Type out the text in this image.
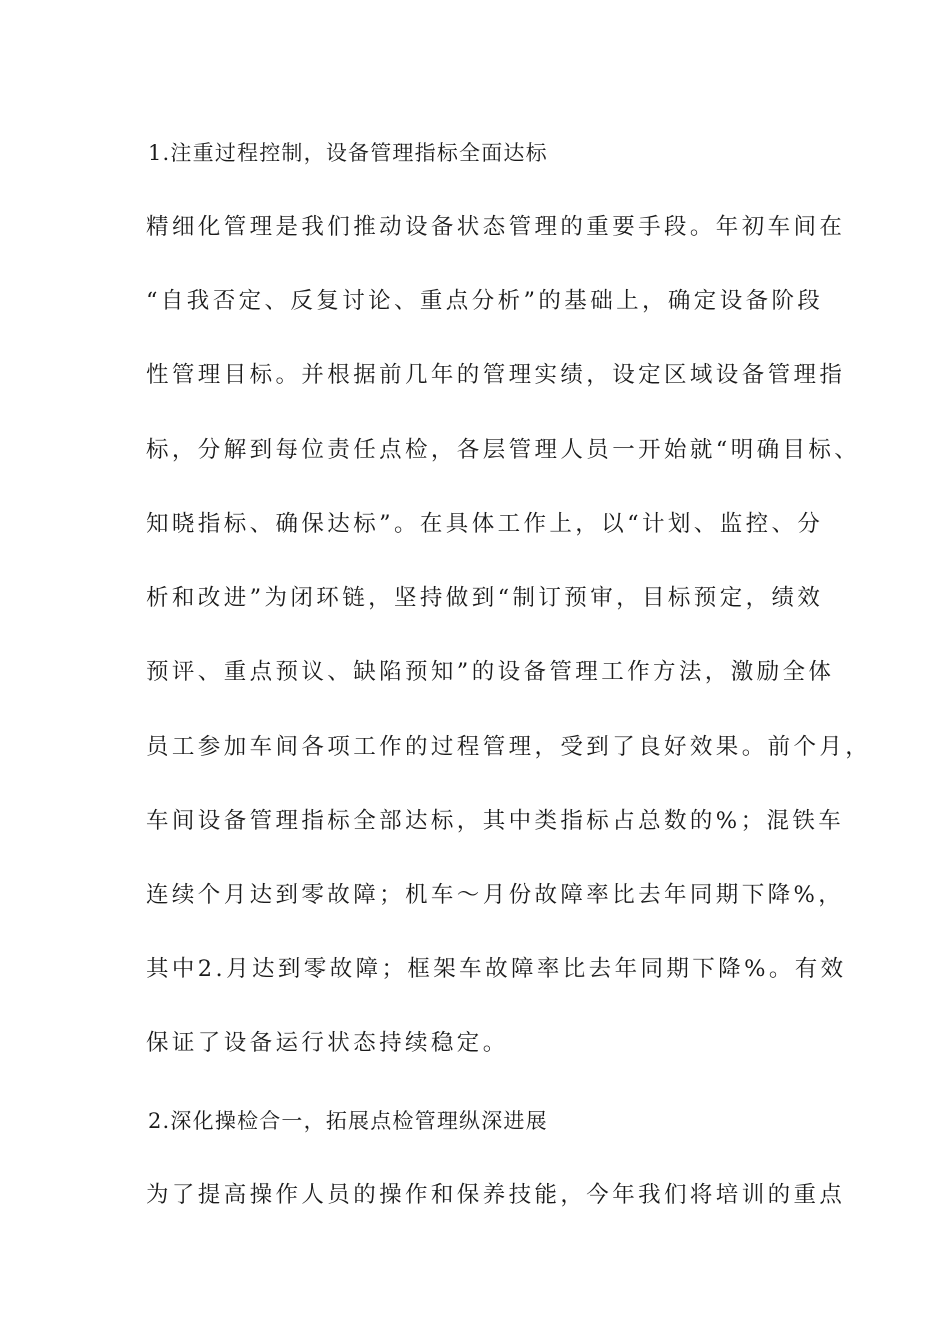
1.注重过程控制，设备管理指标全面达标
精细化管理是我们推动设备状态管理的重要手段。年初车间在
“自我否定、反复讨论、重点分析”的基础上，确定设备阶段
性管理目标。并根据前几年的管理实绩，设定区域设备管理指
标，分解到每位责任点检，各层管理人员一开始就“明确目标、
知晓指标、确保达标”。在具体工作上，以“计划、监控、分
析和改进”为闭环链，坚持做到“制订预审，目标预定，绩效
预评、重点预议、缺陷预知”的设备管理工作方法，激励全体
员工参加车间各项工作的过程管理，受到了良好效果。前个月，
车间设备管理指标全部达标，其中类指标占总数的%；混铁车
连续个月达到零故障；机车～月份故障率比去年同期下降%，
其中2.月达到零故障；框架车故障率比去年同期下降%。有效
保证了设备运行状态持续稳定。
2.深化操检合一，拓展点检管理纵深进展
为了提高操作人员的操作和保养技能，今年我们将培训的重点
